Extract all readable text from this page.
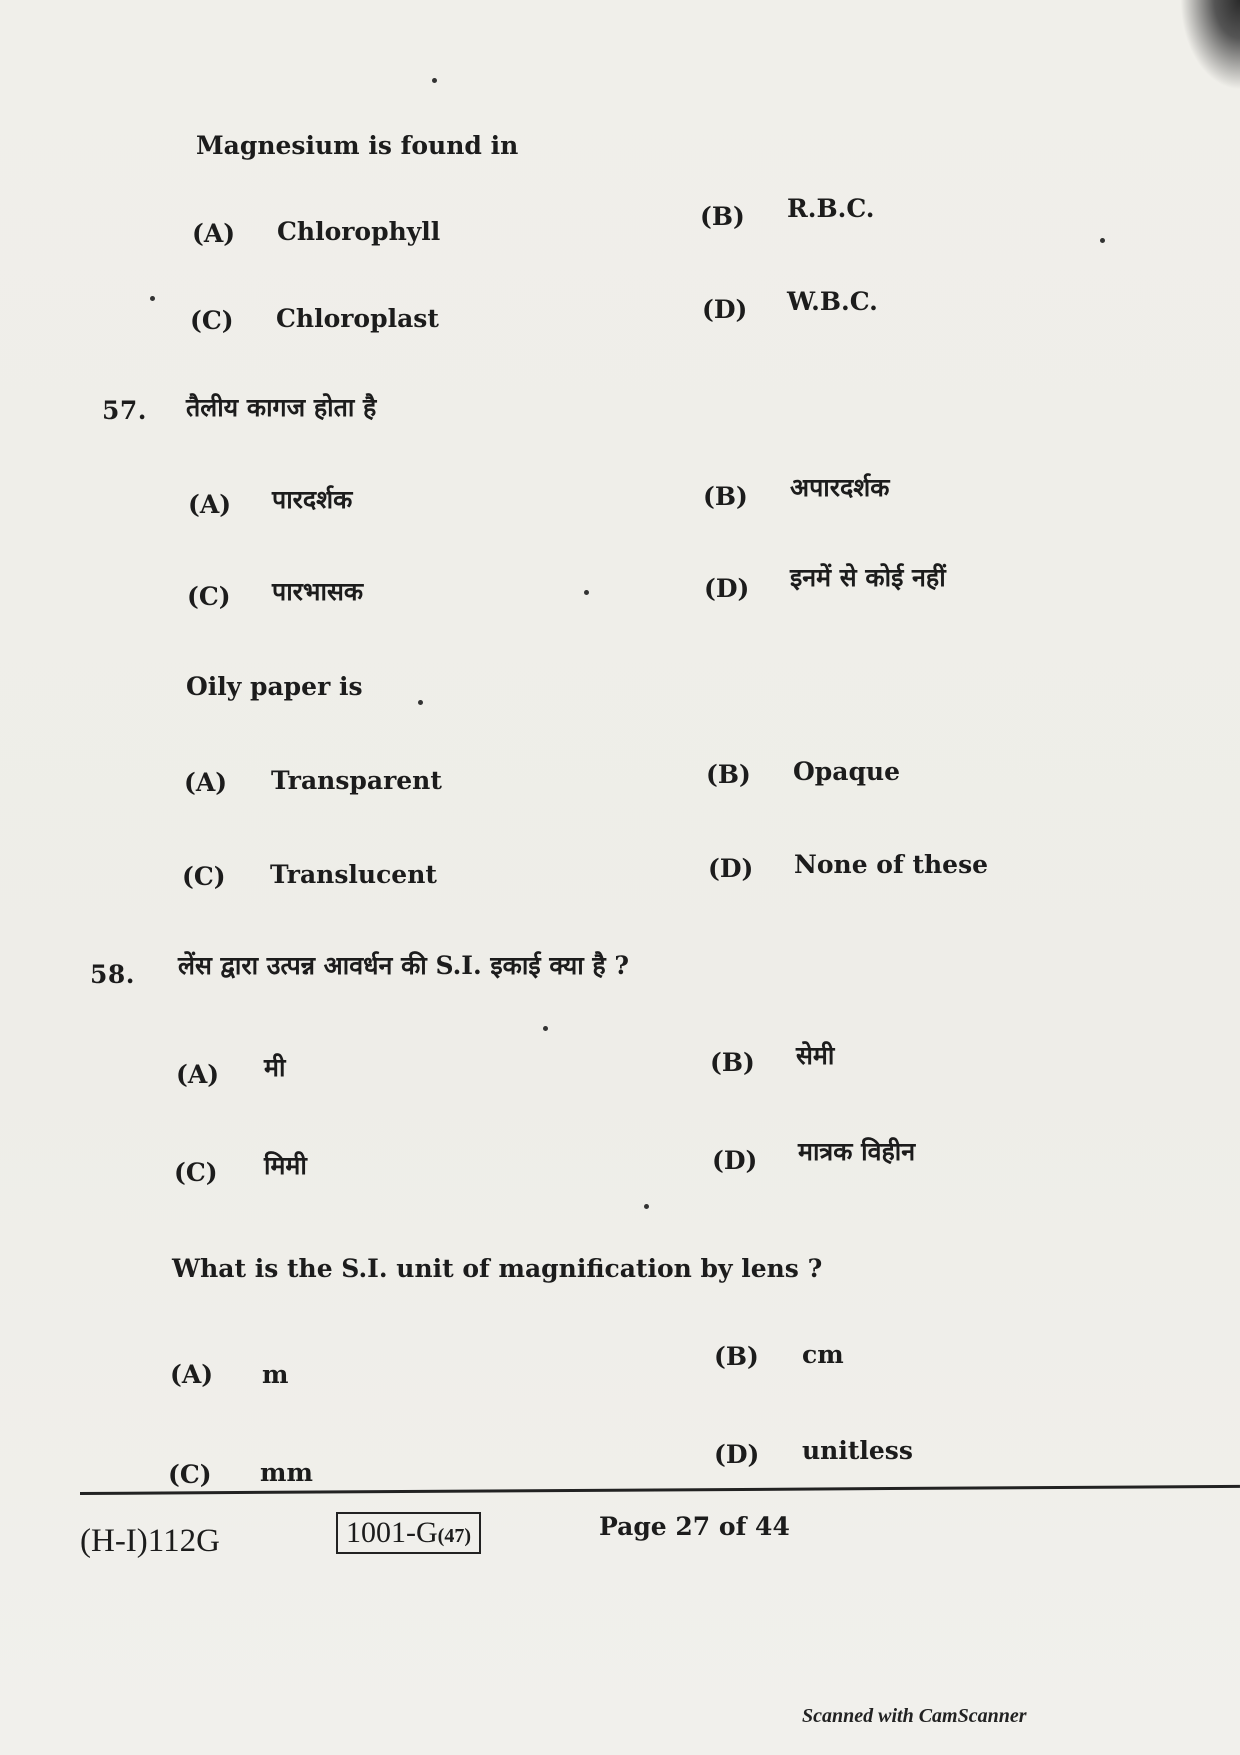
Magnesium is found in
(A) Chlorophyll
(B) R.B.C.
(C) Chloroplast	(D) W.B.C.
57. तैलीय कागज होता है
(A) पारदर्शक	(B) अपारदर्शक
(C) पारभासक	(D) इनमें से कोई नहीं
Oily paper is
(A) Transparent	(B) Opaque
(C) Translucent	(D) None of these
58. लेंस द्वारा उत्पन्न आवर्धन की S.I. इकाई क्या है ?
(A) मी	(B) सेमी
(C) मिमी	(D) मात्रक विहीन
What is the S.I. unit of magnification by lens ?
(A) m
(B) cm
(C) mm
(D) unitless
(H-I)112G	1001-G(47)	Page 27 of 44
Scanned with CamScanner
